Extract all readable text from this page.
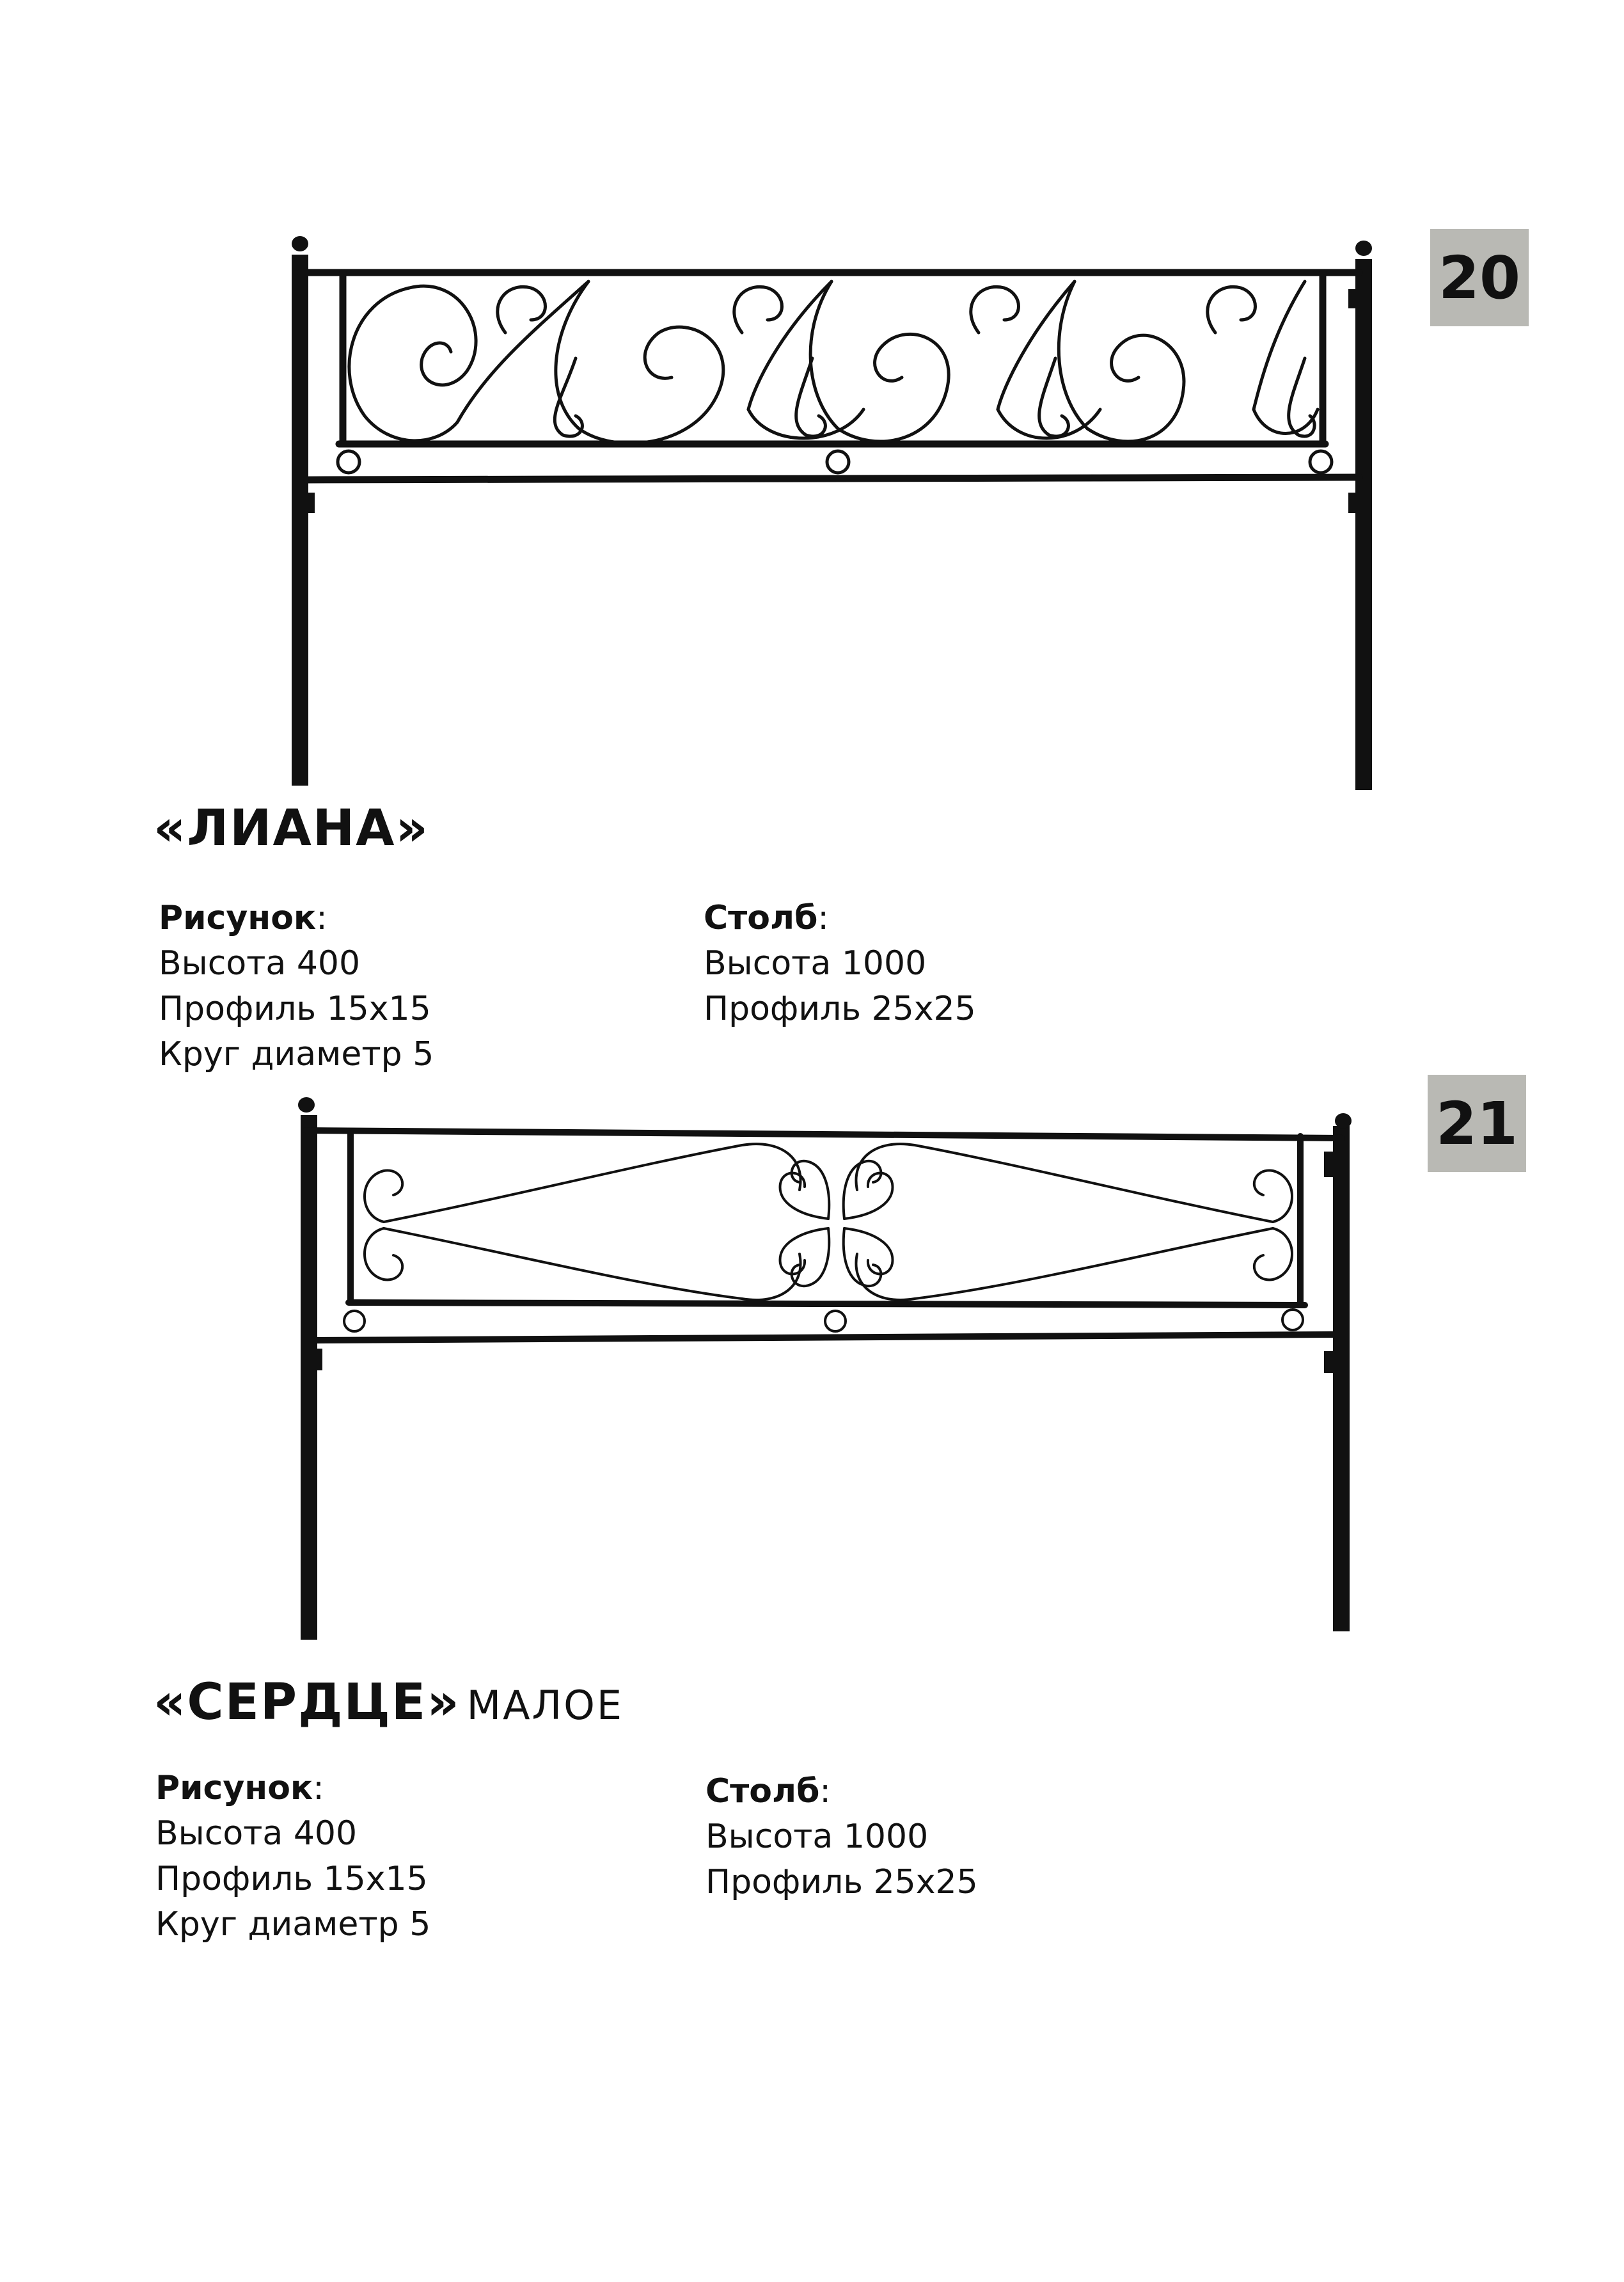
20
«ЛИАНА»
Рисунок:
Высота 400
Профиль 15х15
Круг диаметр 5
Столб:
Высота 1000
Профиль 25х25
21
«СЕРДЦЕ» МАЛОЕ
Рисунок:
Высота 400
Профиль 15х15
Круг диаметр 5
Столб:
Высота 1000
Профиль 25х25
